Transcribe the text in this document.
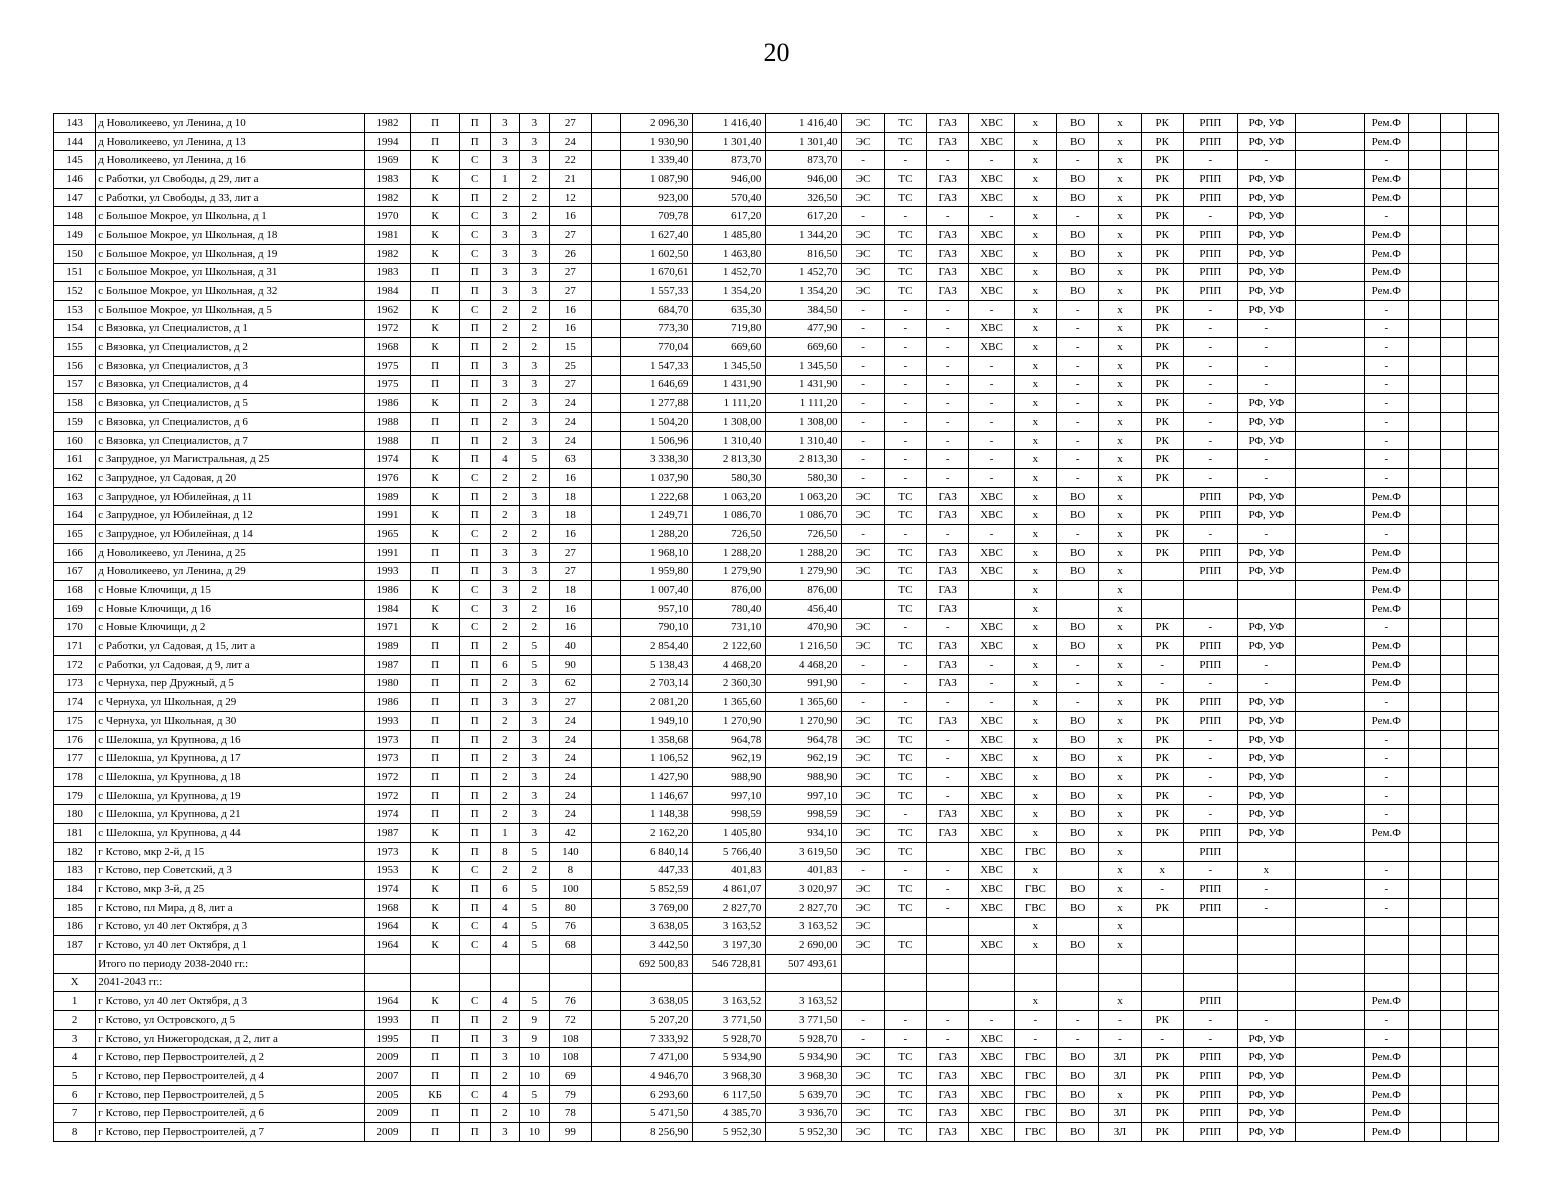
20
143	д Новоликеево, ул Ленина, д 10	1982	П	П	3	3	27		2 096,30	1 416,40	1 416,40	ЭС	ТС	ГАЗ	ХВС	х	ВО	х	РК	РПП	РФ, УФ		Рем.Ф			
144	д Новоликеево, ул Ленина, д 13	1994	П	П	3	3	24		1 930,90	1 301,40	1 301,40	ЭС	ТС	ГАЗ	ХВС	х	ВО	х	РК	РПП	РФ, УФ		Рем.Ф			
145	д Новоликеево, ул Ленина, д 16	1969	К	С	3	3	22		1 339,40	873,70	873,70	-	-	-	-	х	-	х	РК	-	-		-			
146	с Работки, ул Свободы, д 29, лит а	1983	К	С	1	2	21		1 087,90	946,00	946,00	ЭС	ТС	ГАЗ	ХВС	х	ВО	х	РК	РПП	РФ, УФ		Рем.Ф			
147	с Работки, ул Свободы, д 33, лит а	1982	К	П	2	2	12		923,00	570,40	326,50	ЭС	ТС	ГАЗ	ХВС	х	ВО	х	РК	РПП	РФ, УФ		Рем.Ф			
148	с Большое Мокрое, ул Школьна, д 1	1970	К	С	3	2	16		709,78	617,20	617,20	-	-	-	-	х	-	х	РК	-	РФ, УФ		-			
149	с Большое Мокрое, ул Школьная, д 18	1981	К	С	3	3	27		1 627,40	1 485,80	1 344,20	ЭС	ТС	ГАЗ	ХВС	х	ВО	х	РК	РПП	РФ, УФ		Рем.Ф			
150	с Большое Мокрое, ул Школьная, д 19	1982	К	С	3	3	26		1 602,50	1 463,80	816,50	ЭС	ТС	ГАЗ	ХВС	х	ВО	х	РК	РПП	РФ, УФ		Рем.Ф			
151	с Большое Мокрое, ул Школьная, д 31	1983	П	П	3	3	27		1 670,61	1 452,70	1 452,70	ЭС	ТС	ГАЗ	ХВС	х	ВО	х	РК	РПП	РФ, УФ		Рем.Ф			
152	с Большое Мокрое, ул Школьная, д 32	1984	П	П	3	3	27		1 557,33	1 354,20	1 354,20	ЭС	ТС	ГАЗ	ХВС	х	ВО	х	РК	РПП	РФ, УФ		Рем.Ф			
153	с Большое Мокрое, ул Школьная, д 5	1962	К	С	2	2	16		684,70	635,30	384,50	-	-	-	-	х	-	х	РК	-	РФ, УФ		-			
154	с Вязовка, ул Специалистов, д 1	1972	К	П	2	2	16		773,30	719,80	477,90	-	-	-	ХВС	х	-	х	РК	-	-		-			
155	с Вязовка, ул Специалистов, д 2	1968	К	П	2	2	15		770,04	669,60	669,60	-	-	-	ХВС	х	-	х	РК	-	-		-			
156	с Вязовка, ул Специалистов, д 3	1975	П	П	3	3	25		1 547,33	1 345,50	1 345,50	-	-	-	-	х	-	х	РК	-	-		-			
157	с Вязовка, ул Специалистов, д 4	1975	П	П	3	3	27		1 646,69	1 431,90	1 431,90	-	-	-	-	х	-	х	РК	-	-		-			
158	с Вязовка, ул Специалистов, д 5	1986	К	П	2	3	24		1 277,88	1 111,20	1 111,20	-	-	-	-	х	-	х	РК	-	РФ, УФ		-			
159	с Вязовка, ул Специалистов, д 6	1988	П	П	2	3	24		1 504,20	1 308,00	1 308,00	-	-	-	-	х	-	х	РК	-	РФ, УФ		-			
160	с Вязовка, ул Специалистов, д 7	1988	П	П	2	3	24		1 506,96	1 310,40	1 310,40	-	-	-	-	х	-	х	РК	-	РФ, УФ		-			
161	с Запрудное, ул Магистральная, д 25	1974	К	П	4	5	63		3 338,30	2 813,30	2 813,30	-	-	-	-	х	-	х	РК	-	-		-			
162	с Запрудное, ул Садовая, д 20	1976	К	С	2	2	16		1 037,90	580,30	580,30	-	-	-	-	х	-	х	РК	-	-		-			
163	с Запрудное, ул Юбилейная, д 11	1989	К	П	2	3	18		1 222,68	1 063,20	1 063,20	ЭС	ТС	ГАЗ	ХВС	х	ВО	х		РПП	РФ, УФ		Рем.Ф			
164	с Запрудное, ул Юбилейная, д 12	1991	К	П	2	3	18		1 249,71	1 086,70	1 086,70	ЭС	ТС	ГАЗ	ХВС	х	ВО	х	РК	РПП	РФ, УФ		Рем.Ф			
165	с Запрудное, ул Юбилейная, д 14	1965	К	С	2	2	16		1 288,20	726,50	726,50	-	-	-	-	х	-	х	РК	-	-		-			
166	д Новоликеево, ул Ленина, д 25	1991	П	П	3	3	27		1 968,10	1 288,20	1 288,20	ЭС	ТС	ГАЗ	ХВС	х	ВО	х	РК	РПП	РФ, УФ		Рем.Ф			
167	д Новоликеево, ул Ленина, д 29	1993	П	П	3	3	27		1 959,80	1 279,90	1 279,90	ЭС	ТС	ГАЗ	ХВС	х	ВО	х		РПП	РФ, УФ		Рем.Ф			
168	с Новые Ключищи, д 15	1986	К	С	3	2	18		1 007,40	876,00	876,00		ТС	ГАЗ		х		х					Рем.Ф			
169	с Новые Ключищи, д 16	1984	К	С	3	2	16		957,10	780,40	456,40		ТС	ГАЗ		х		х					Рем.Ф			
170	с Новые Ключищи, д 2	1971	К	С	2	2	16		790,10	731,10	470,90	ЭС	-	-	ХВС	х	ВО	х	РК	-	РФ, УФ		-			
171	с Работки, ул Садовая, д 15, лит а	1989	П	П	2	5	40		2 854,40	2 122,60	1 216,50	ЭС	ТС	ГАЗ	ХВС	х	ВО	х	РК	РПП	РФ, УФ		Рем.Ф			
172	с Работки, ул Садовая, д 9, лит а	1987	П	П	6	5	90		5 138,43	4 468,20	4 468,20	-	-	ГАЗ	-	х	-	х	-	РПП	-		Рем.Ф			
173	с Чернуха, пер Дружный, д 5	1980	П	П	2	3	62		2 703,14	2 360,30	991,90	-	-	ГАЗ	-	х	-	х	-	-	-		Рем.Ф			
174	с Чернуха, ул Школьная, д 29	1986	П	П	3	3	27		2 081,20	1 365,60	1 365,60	-	-	-	-	х	-	х	РК	РПП	РФ, УФ		-			
175	с Чернуха, ул Школьная, д 30	1993	П	П	2	3	24		1 949,10	1 270,90	1 270,90	ЭС	ТС	ГАЗ	ХВС	х	ВО	х	РК	РПП	РФ, УФ		Рем.Ф			
176	с Шелокша, ул Крупнова, д 16	1973	П	П	2	3	24		1 358,68	964,78	964,78	ЭС	ТС	-	ХВС	х	ВО	х	РК	-	РФ, УФ		-			
177	с Шелокша, ул Крупнова, д 17	1973	П	П	2	3	24		1 106,52	962,19	962,19	ЭС	ТС	-	ХВС	х	ВО	х	РК	-	РФ, УФ		-			
178	с Шелокша, ул Крупнова, д 18	1972	П	П	2	3	24		1 427,90	988,90	988,90	ЭС	ТС	-	ХВС	х	ВО	х	РК	-	РФ, УФ		-			
179	с Шелокша, ул Крупнова, д 19	1972	П	П	2	3	24		1 146,67	997,10	997,10	ЭС	ТС	-	ХВС	х	ВО	х	РК	-	РФ, УФ		-			
180	с Шелокша, ул Крупнова, д 21	1974	П	П	2	3	24		1 148,38	998,59	998,59	ЭС	-	ГАЗ	ХВС	х	ВО	х	РК	-	РФ, УФ		-			
181	с Шелокша, ул Крупнова, д 44	1987	К	П	1	3	42		2 162,20	1 405,80	934,10	ЭС	ТС	ГАЗ	ХВС	х	ВО	х	РК	РПП	РФ, УФ		Рем.Ф			
182	г Кстово, мкр 2-й, д 15	1973	К	П	8	5	140		6 840,14	5 766,40	3 619,50	ЭС	ТС		ХВС	ГВС	ВО	х		РПП						
183	г Кстово, пер Советский, д 3	1953	К	С	2	2	8		447,33	401,83	401,83	-	-	-	ХВС	х		х	х	-	х		-			
184	г Кстово, мкр 3-й, д 25	1974	К	П	6	5	100		5 852,59	4 861,07	3 020,97	ЭС	ТС	-	ХВС	ГВС	ВО	х	-	РПП	-		-			
185	г Кстово, пл Мира, д 8, лит а	1968	К	П	4	5	80		3 769,00	2 827,70	2 827,70	ЭС	ТС	-	ХВС	ГВС	ВО	х	РК	РПП	-		-			
186	г Кстово, ул 40 лет Октября, д 3	1964	К	С	4	5	76		3 638,05	3 163,52	3 163,52	ЭС				х		х								
187	г Кстово, ул 40 лет Октября, д 1	1964	К	С	4	5	68		3 442,50	3 197,30	2 690,00	ЭС	ТС		ХВС	х	ВО	х								
	Итого по периоду 2038-2040 гг.:								692 500,83	546 728,81	507 493,61															
X	2041-2043 гг.:																									
1	г Кстово, ул 40 лет Октября, д 3	1964	К	С	4	5	76		3 638,05	3 163,52	3 163,52					х		х		РПП			Рем.Ф			
2	г Кстово, ул Островского, д 5	1993	П	П	2	9	72		5 207,20	3 771,50	3 771,50	-	-	-	-	-	-	-	РК	-	-		-			
3	г Кстово, ул Нижегородская, д 2, лит а	1995	П	П	3	9	108		7 333,92	5 928,70	5 928,70	-	-	-	ХВС	-	-	-	-	-	РФ, УФ		-			
4	г Кстово, пер Первостроителей, д 2	2009	П	П	3	10	108		7 471,00	5 934,90	5 934,90	ЭС	ТС	ГАЗ	ХВС	ГВС	ВО	ЗЛ	РК	РПП	РФ, УФ		Рем.Ф			
5	г Кстово, пер Первостроителей, д 4	2007	П	П	2	10	69		4 946,70	3 968,30	3 968,30	ЭС	ТС	ГАЗ	ХВС	ГВС	ВО	ЗЛ	РК	РПП	РФ, УФ		Рем.Ф			
6	г Кстово, пер Первостроителей, д 5	2005	КБ	С	4	5	79		6 293,60	6 117,50	5 639,70	ЭС	ТС	ГАЗ	ХВС	ГВС	ВО	х	РК	РПП	РФ, УФ		Рем.Ф			
7	г Кстово, пер Первостроителей, д 6	2009	П	П	2	10	78		5 471,50	4 385,70	3 936,70	ЭС	ТС	ГАЗ	ХВС	ГВС	ВО	ЗЛ	РК	РПП	РФ, УФ		Рем.Ф			
8	г Кстово, пер Первостроителей, д 7	2009	П	П	3	10	99		8 256,90	5 952,30	5 952,30	ЭС	ТС	ГАЗ	ХВС	ГВС	ВО	ЗЛ	РК	РПП	РФ, УФ		Рем.Ф			
